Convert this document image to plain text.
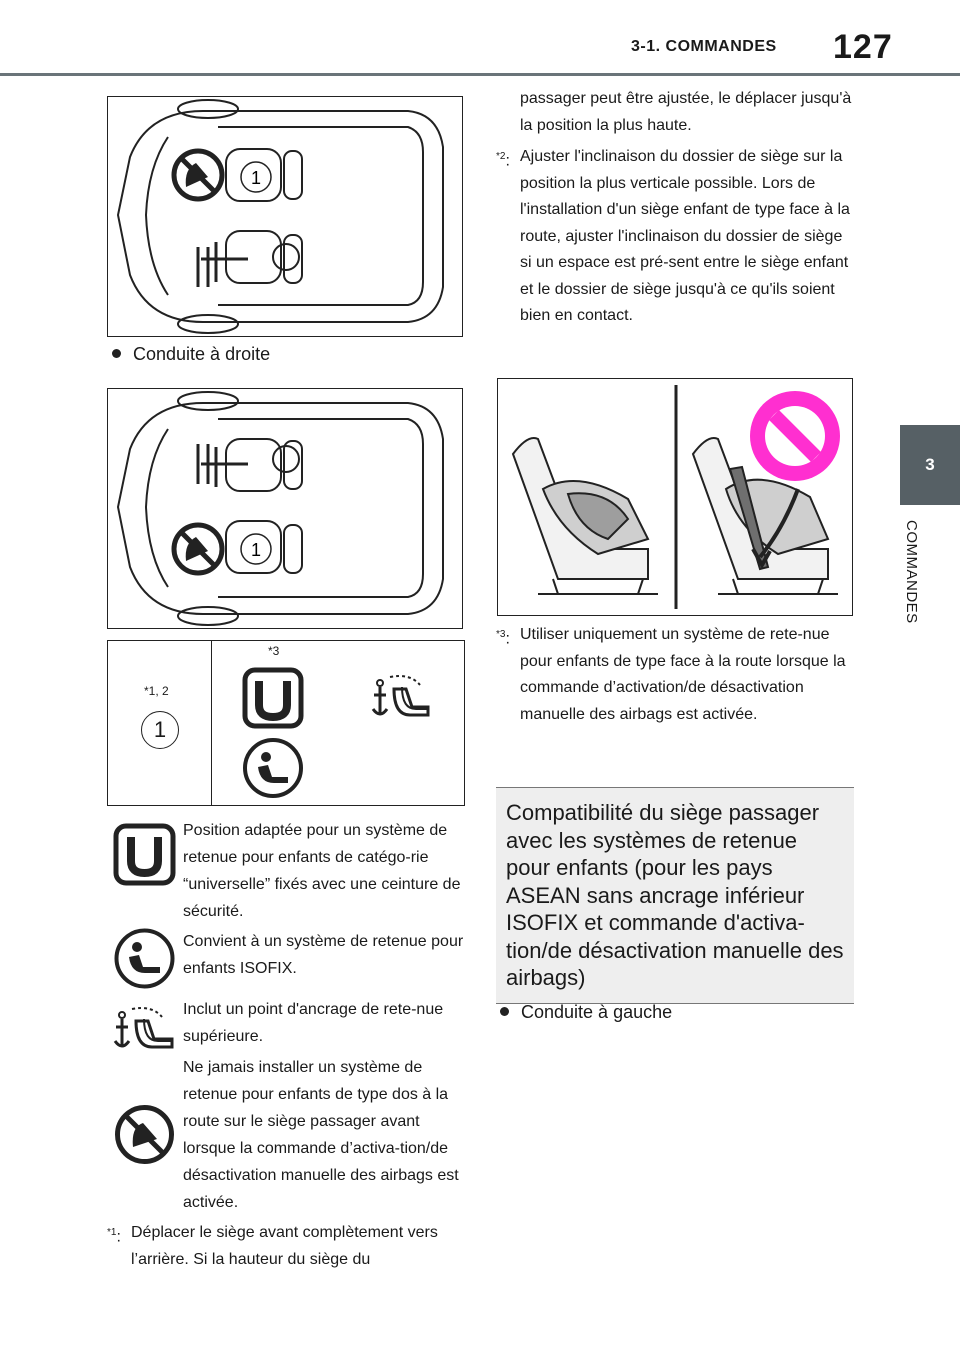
3-1. COMMANDES 127
3
COMMANDES
1
Conduite à droite
1
*1, 2
1
*3
Position adaptée pour un système de retenue pour enfants de catégo-rie “universelle” fixés avec une ceinture de sécurité.
Convient à un système de retenue pour enfants ISOFIX.
Inclut un point d'ancrage de rete-nue supérieure.
Ne jamais installer un système de retenue pour enfants de type dos à la route sur le siège passager avant lorsque la commande d’activa-tion/de désactivation manuelle des airbags est activée.
$^{*1}$: Déplacer le siège avant complètement vers l’arrière. Si la hauteur du siège du
passager peut être ajustée, le déplacer jusqu'à la position la plus haute.
$^{*2}$: Ajuster l'inclinaison du dossier de siège sur la position la plus verticale possible. Lors de l'installation d'un siège enfant de type face à la route, ajuster l'inclinaison du dossier de siège si un espace est pré-sent entre le siège enfant et le dossier de siège jusqu'à ce qu'ils soient bien en contact.
$^{*3}$: Utiliser uniquement un système de rete-nue pour enfants de type face à la route lorsque la commande d’activation/de désactivation manuelle des airbags est activée.
Compatibilité du siège passager avec les systèmes de retenue pour enfants (pour les pays ASEAN sans ancrage inférieur ISOFIX et commande d'activa-tion/de désactivation manuelle des airbags)
Conduite à gauche
